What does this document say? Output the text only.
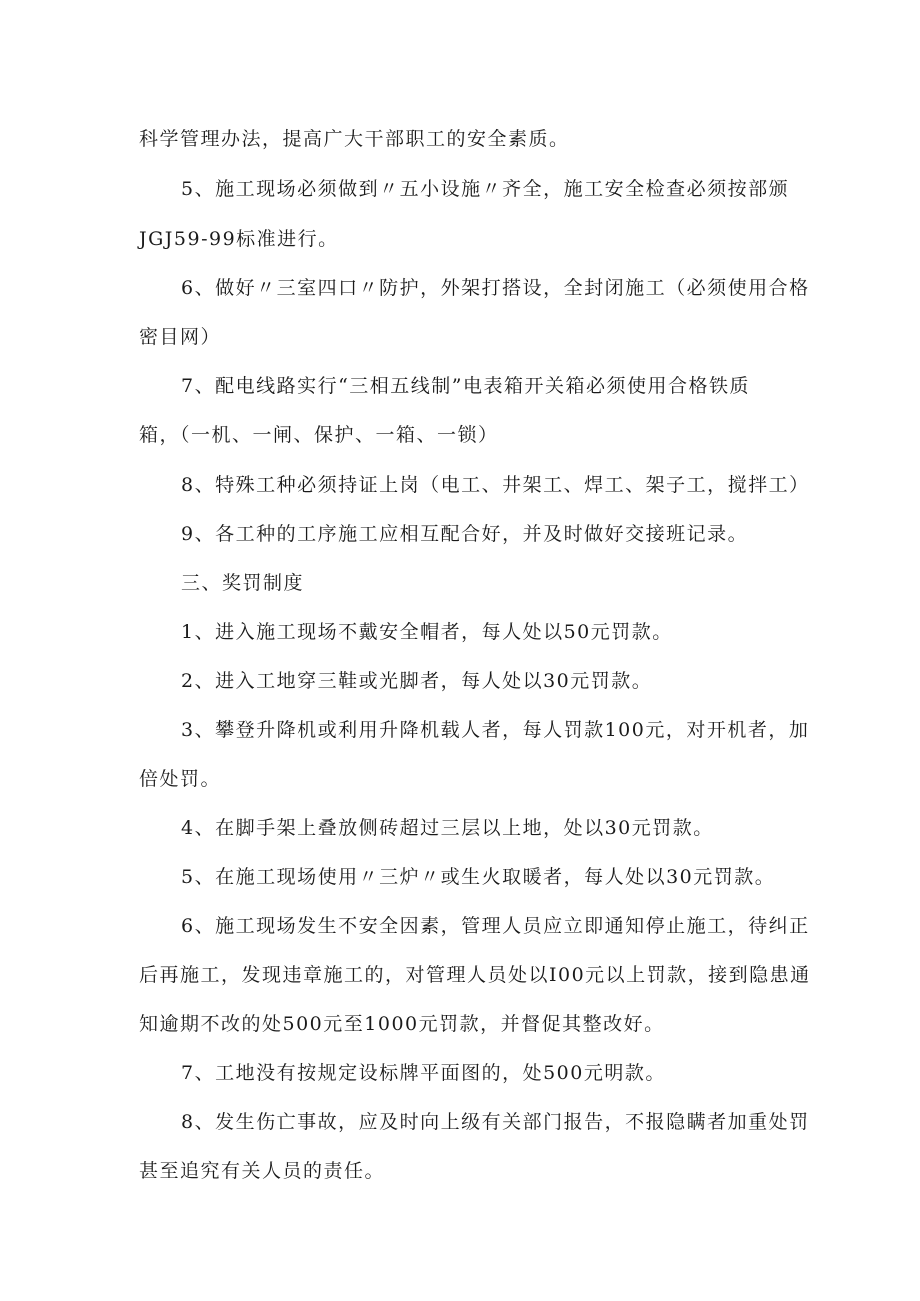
科学管理办法，提高广大干部职工的安全素质。
5、施工现场必须做到〃五小设施〃齐全，施工安全检查必须按部颁
JGJ59-99标准进行。
6、做好〃三室四口〃防护，外架打搭设，全封闭施工（必须使用合格
密目网）
7、配电线路实行“三相五线制”电表箱开关箱必须使用合格铁质
箱，（一机、一闸、保护、一箱、一锁）
8、特殊工种必须持证上岗（电工、井架工、焊工、架子工，搅拌工）
9、各工种的工序施工应相互配合好，并及时做好交接班记录。
三、奖罚制度
1、进入施工现场不戴安全帽者，每人处以50元罚款。
2、进入工地穿三鞋或光脚者，每人处以30元罚款。
3、攀登升降机或利用升降机载人者，每人罚款100元，对开机者，加
倍处罚。
4、在脚手架上叠放侧砖超过三层以上地，处以30元罚款。
5、在施工现场使用〃三炉〃或生火取暖者，每人处以30元罚款。
6、施工现场发生不安全因素，管理人员应立即通知停止施工，待纠正
后再施工，发现违章施工的，对管理人员处以I00元以上罚款，接到隐患通
知逾期不改的处500元至1000元罚款，并督促其整改好。
7、工地没有按规定设标牌平面图的，处500元明款。
8、发生伤亡事故，应及时向上级有关部门报告，不报隐瞒者加重处罚
甚至追究有关人员的责任。
